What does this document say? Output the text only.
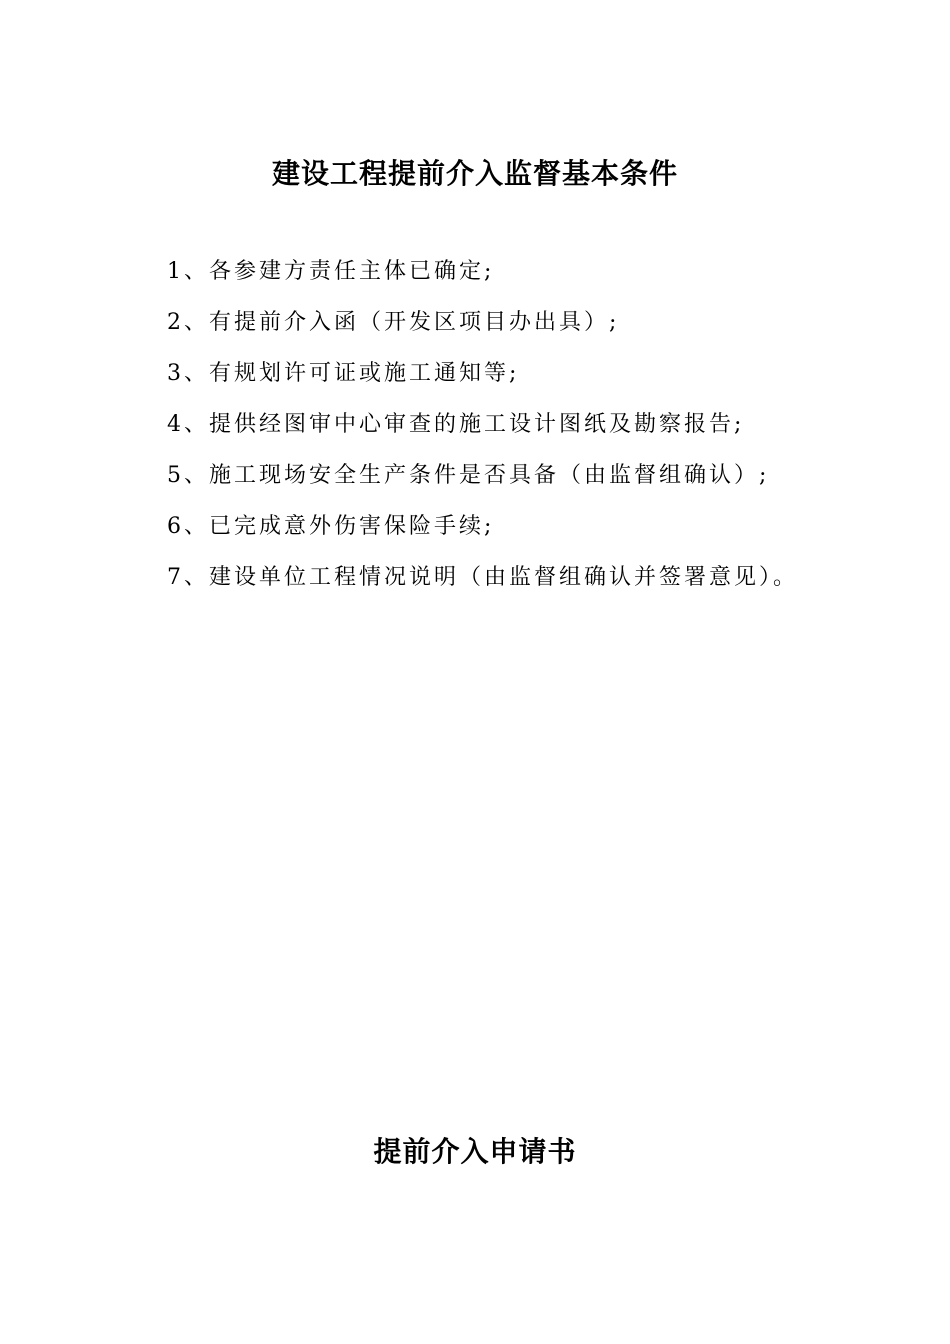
建设工程提前介入监督基本条件
1、各参建方责任主体已确定;
2、有提前介入函（开发区项目办出具）;
3、有规划许可证或施工通知等;
4、提供经图审中心审查的施工设计图纸及勘察报告;
5、施工现场安全生产条件是否具备（由监督组确认）;
6、已完成意外伤害保险手续;
7、建设单位工程情况说明（由监督组确认并签署意见）。
提前介入申请书
